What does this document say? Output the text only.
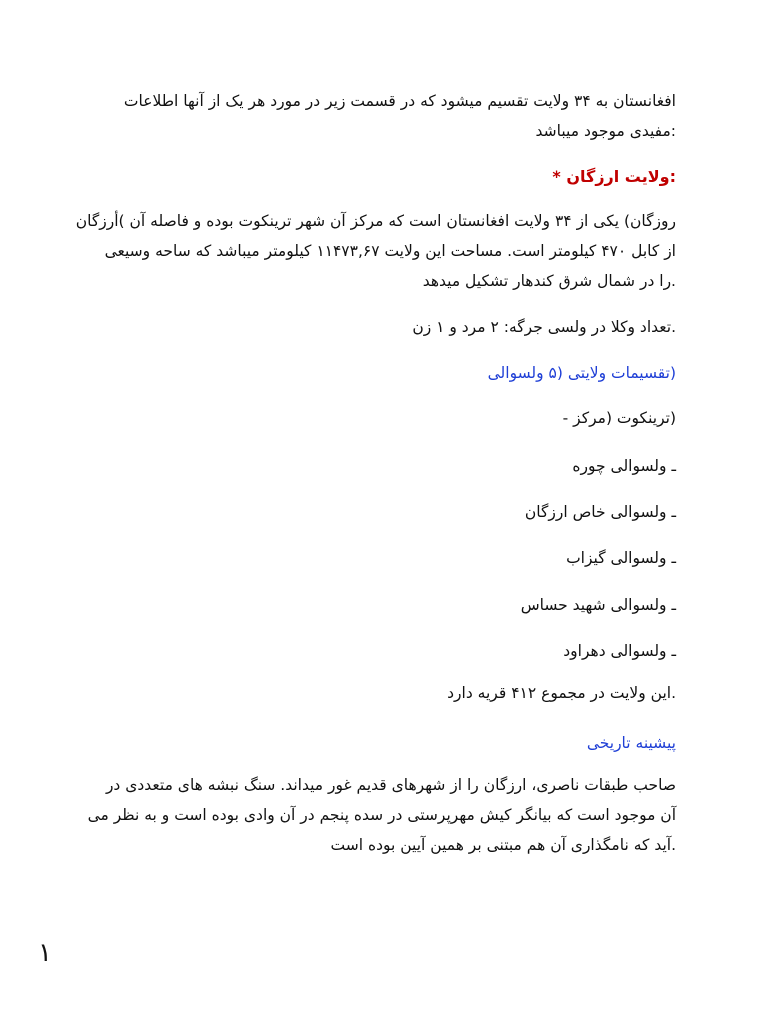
افغانستان به ۳۴ ولایت تقسیم میشود که در قسمت زیر در مورد هر یک از آنها اطلاعات
:مفیدی موجود میباشد
:ولایت ارزگان *
روزگان) یکی از ۳۴ ولایت افغانستان است که مرکز آن شهر ترینکوت بوده و فاصله آن )أرزگان
از کابل ۴۷۰ کیلومتر است. مساحت این ولایت ۱۱۴۷۳,۶۷ کیلومتر میباشد که ساحه وسیعی
.را در شمال شرق کندهار تشکیل میدهد
.تعداد وکلا در ولسی جرگه: ۲ مرد و ۱ زن
(تقسیمات ولایتی (۵ ولسوالی
(ترینکوت (مرکز -
ـ ولسوالی چوره
ـ ولسوالی خاص ارزگان
ـ ولسوالی گیزاب
ـ ولسوالی شهید حساس
ـ ولسوالی دهراود
.این ولایت در مجموع ۴۱۲ قریه دارد
پیشینه تاریخی
صاحب طبقات ناصری، ارزگان را از شهرهای قدیم غور میداند. سنگ نبشه های متعددی در
آن موجود است که بیانگر کیش مهرپرستی در سده پنجم در آن وادی بوده است و به نظر می
.آید که نامگذاری آن هم مبتنی بر همین آیین بوده است
۱
